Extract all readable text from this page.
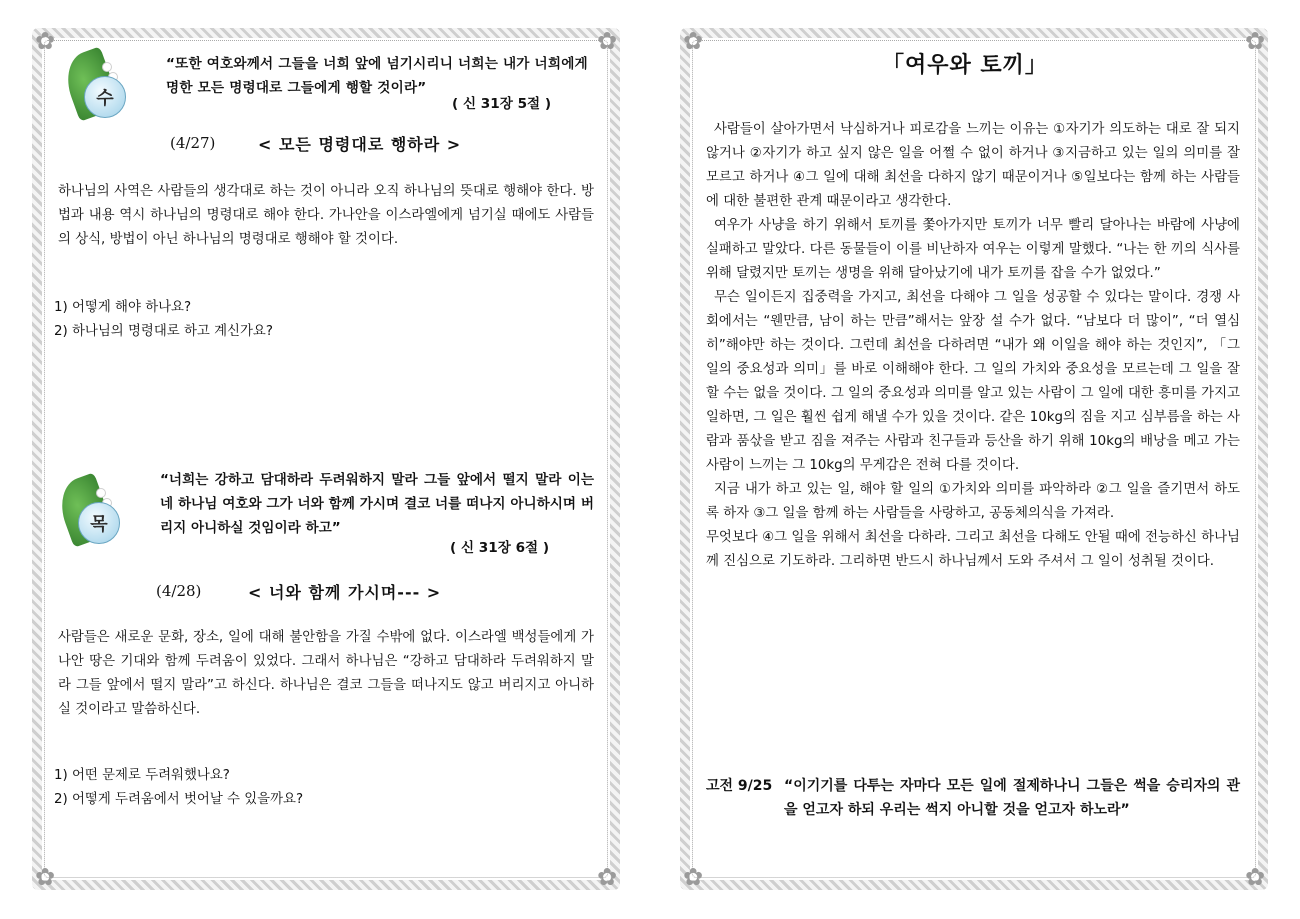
✿	✿
✿	✿
수
“또한 여호와께서 그들을 너희 앞에 넘기시리니 너희는 내가 너희에게 명한 모든 명령대로 그들에게 행할 것이라”
( 신 31장 5절 )
(4/27)	< 모든 명령대로 행하라 >
하나님의 사역은 사람들의 생각대로 하는 것이 아니라 오직 하나님의 뜻대로 행해야 한다. 방법과 내용 역시 하나님의 명령대로 해야 한다. 가나안을 이스라엘에게 넘기실 때에도 사람들의 상식, 방법이 아닌 하나님의 명령대로 행해야 할 것이다.

1) 어떻게 해야 하나요?

2) 하나님의 명령대로 하고 계신가요?

목
“너희는 강하고 담대하라 두려워하지 말라 그들 앞에서 떨지 말라 이는 네 하나님 여호와 그가 너와 함께 가시며 결코 너를 떠나지 아니하시며 버리지 아니하실 것임이라 하고”
( 신 31장 6절 )
(4/28)	< 너와 함께 가시며--- >
사람들은 새로운 문화, 장소, 일에 대해 불안함을 가질 수밖에 없다. 이스라엘 백성들에게 가나안 땅은 기대와 함께 두려움이 있었다. 그래서 하나님은 “강하고 담대하라 두려워하지 말라 그들 앞에서 떨지 말라”고 하신다. 하나님은 결코 그들을 떠나지도 않고 버리지고 아니하실 것이라고 말씀하신다.

1) 어떤 문제로 두려워했나요?

2) 어떻게 두려움에서 벗어날 수 있을까요?

✿	✿
✿	✿
「여우와 토끼」

사람들이 살아가면서 낙심하거나 피로감을 느끼는 이유는 ①자기가 의도하는 대로 잘 되지 않거나 ②자기가 하고 싶지 않은 일을 어쩔 수 없이 하거나 ③지금하고 있는 일의 의미를 잘 모르고 하거나 ④그 일에 대해 최선을 다하지 않기 때문이거나 ⑤일보다는 함께 하는 사람들에 대한 불편한 관계 때문이라고 생각한다.

여우가 사냥을 하기 위해서 토끼를 쫓아가지만 토끼가 너무 빨리 달아나는 바람에 사냥에 실패하고 말았다. 다른 동물들이 이를 비난하자 여우는 이렇게 말했다. “나는 한 끼의 식사를 위해 달렸지만 토끼는 생명을 위해 달아났기에 내가 토끼를 잡을 수가 없었다.”

무슨 일이든지 집중력을 가지고, 최선을 다해야 그 일을 성공할 수 있다는 말이다. 경쟁 사회에서는 “웬만큼, 남이 하는 만큼”해서는 앞장 설 수가 없다. “남보다 더 많이”, “더 열심히”해야만 하는 것이다. 그런데 최선을 다하려면 “내가 왜 이일을 해야 하는 것인지”, 「그 일의 중요성과 의미」를 바로 이해해야 한다. 그 일의 가치와 중요성을 모르는데 그 일을 잘할 수는 없을 것이다. 그 일의 중요성과 의미를 알고 있는 사람이 그 일에 대한 흥미를 가지고 일하면, 그 일은 훨씬 쉽게 해낼 수가 있을 것이다. 같은 10kg의 짐을 지고 심부름을 하는 사람과 품삯을 받고 짐을 져주는 사람과 친구들과 등산을 하기 위해 10kg의 배낭을 메고 가는 사람이 느끼는 그 10kg의 무게감은 전혀 다를 것이다.

지금 내가 하고 있는 일, 해야 할 일의 ①가치와 의미를 파악하라 ②그 일을 즐기면서 하도록 하자 ③그 일을 함께 하는 사람들을 사랑하고, 공동체의식을 가져라.

무엇보다 ④그 일을 위해서 최선을 다하라. 그리고 최선을 다해도 안될 때에 전능하신 하나님께 진심으로 기도하라. 그리하면 반드시 하나님께서 도와 주셔서 그 일이 성취될 것이다.

고전 9/25 “이기기를 다투는 자마다 모든 일에 절제하나니 그들은 썩을 승리자의 관을 얻고자 하되 우리는 썩지 아니할 것을 얻고자 하노라”
